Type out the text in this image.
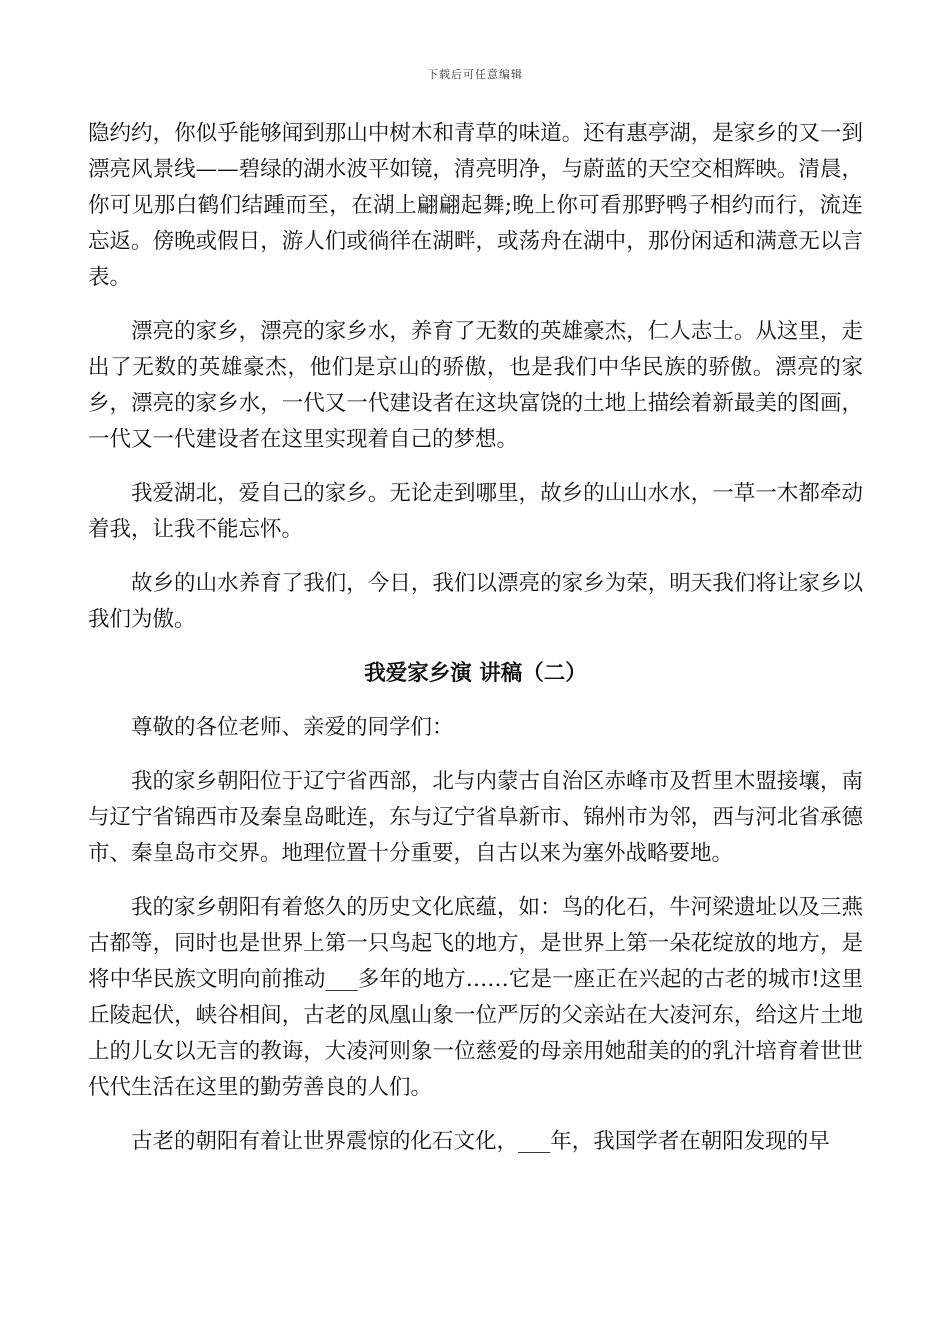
下载后可任意编辑

隐约约，你似乎能够闻到那山中树木和青草的味道。还有惠亭湖，是家乡的又一到漂亮风景线——碧绿的湖水波平如镜，清亮明净，与蔚蓝的天空交相辉映。清晨，你可见那白鹤们结踵而至，在湖上翩翩起舞;晚上你可看那野鸭子相约而行，流连忘返。傍晚或假日，游人们或徜徉在湖畔，或荡舟在湖中，那份闲适和满意无以言表。

漂亮的家乡，漂亮的家乡水，养育了无数的英雄豪杰，仁人志士。从这里，走出了无数的英雄豪杰，他们是京山的骄傲，也是我们中华民族的骄傲。漂亮的家乡，漂亮的家乡水，一代又一代建设者在这块富饶的土地上描绘着新最美的图画，一代又一代建设者在这里实现着自己的梦想。

我爱湖北，爱自己的家乡。无论走到哪里，故乡的山山水水，一草一木都牵动着我，让我不能忘怀。

故乡的山水养育了我们，今日，我们以漂亮的家乡为荣，明天我们将让家乡以我们为傲。

我爱家乡演 讲稿（二）

尊敬的各位老师、亲爱的同学们：

我的家乡朝阳位于辽宁省西部，北与内蒙古自治区赤峰市及哲里木盟接壤，南与辽宁省锦西市及秦皇岛毗连，东与辽宁省阜新市、锦州市为邻，西与河北省承德市、秦皇岛市交界。地理位置十分重要，自古以来为塞外战略要地。

我的家乡朝阳有着悠久的历史文化底蕴，如：鸟的化石，牛河梁遗址以及三燕古都等，同时也是世界上第一只鸟起飞的地方，是世界上第一朵花绽放的地方，是将中华民族文明向前推动___多年的地方……它是一座正在兴起的古老的城市!这里丘陵起伏，峡谷相间，古老的凤凰山象一位严厉的父亲站在大凌河东，给这片土地上的儿女以无言的教诲，大凌河则象一位慈爱的母亲用她甜美的的乳汁培育着世世代代生活在这里的勤劳善良的人们。

古老的朝阳有着让世界震惊的化石文化，___年，我国学者在朝阳发现的早
